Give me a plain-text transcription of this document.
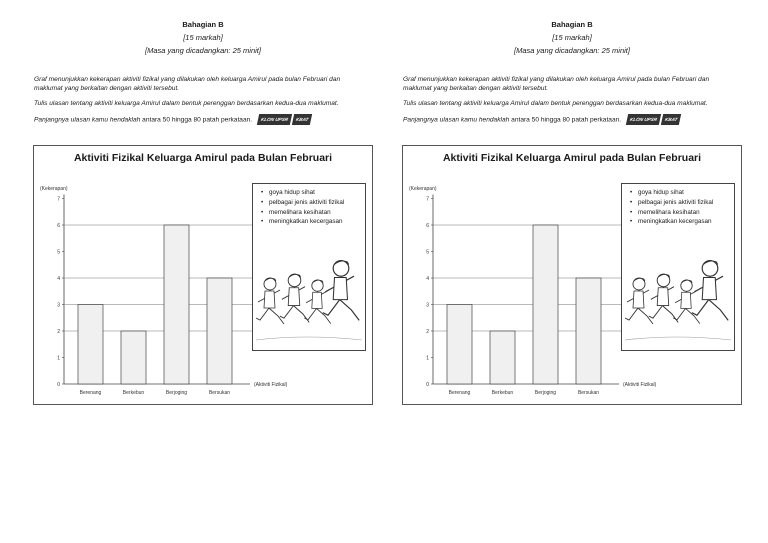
Bahagian B
[15 markah]
[Masa yang dicadangkan: 25 minit]
Graf menunjukkan kekerapan aktiviti fizikal yang dilakukan oleh keluarga Amirul pada bulan Februari dan maklumat yang berkaitan dengan aktiviti tersebut.
Tulis ulasan tentang aktiviti keluarga Amirul dalam bentuk perenggan berdasarkan kedua-dua maklumat.
Panjangnya ulasan kamu hendaklah antara 50 hingga 80 patah perkataan. KLON UPSR KBAT
Aktiviti Fizikal Keluarga Amirul pada Bulan Februari
(Kekerapan)
0
1
2
3
4
5
6
7
Berenang	Berkebun	Berjoging	Bersukan
(Aktiviti Fizikal)
• goya hidup sihat
• pelbagai jenis aktiviti fizikal
• memelihara kesihatan
• meningkatkan kecergasan
Bahagian B
[15 markah]
[Masa yang dicadangkan: 25 minit]
Graf menunjukkan kekerapan aktiviti fizikal yang dilakukan oleh keluarga Amirul pada bulan Februari dan maklumat yang berkaitan dengan aktiviti tersebut.
Tulis ulasan tentang aktiviti keluarga Amirul dalam bentuk perenggan berdasarkan kedua-dua maklumat.
Panjangnya ulasan kamu hendaklah antara 50 hingga 80 patah perkataan. KLON UPSR KBAT
Aktiviti Fizikal Keluarga Amirul pada Bulan Februari
(Kekerapan)
0
1
2
3
4
5
6
7
Berenang	Berkebun	Berjoging	Bersukan
(Aktiviti Fizikal)
• goya hidup sihat
• pelbagai jenis aktiviti fizikal
• memelihara kesihatan
• meningkatkan kecergasan
